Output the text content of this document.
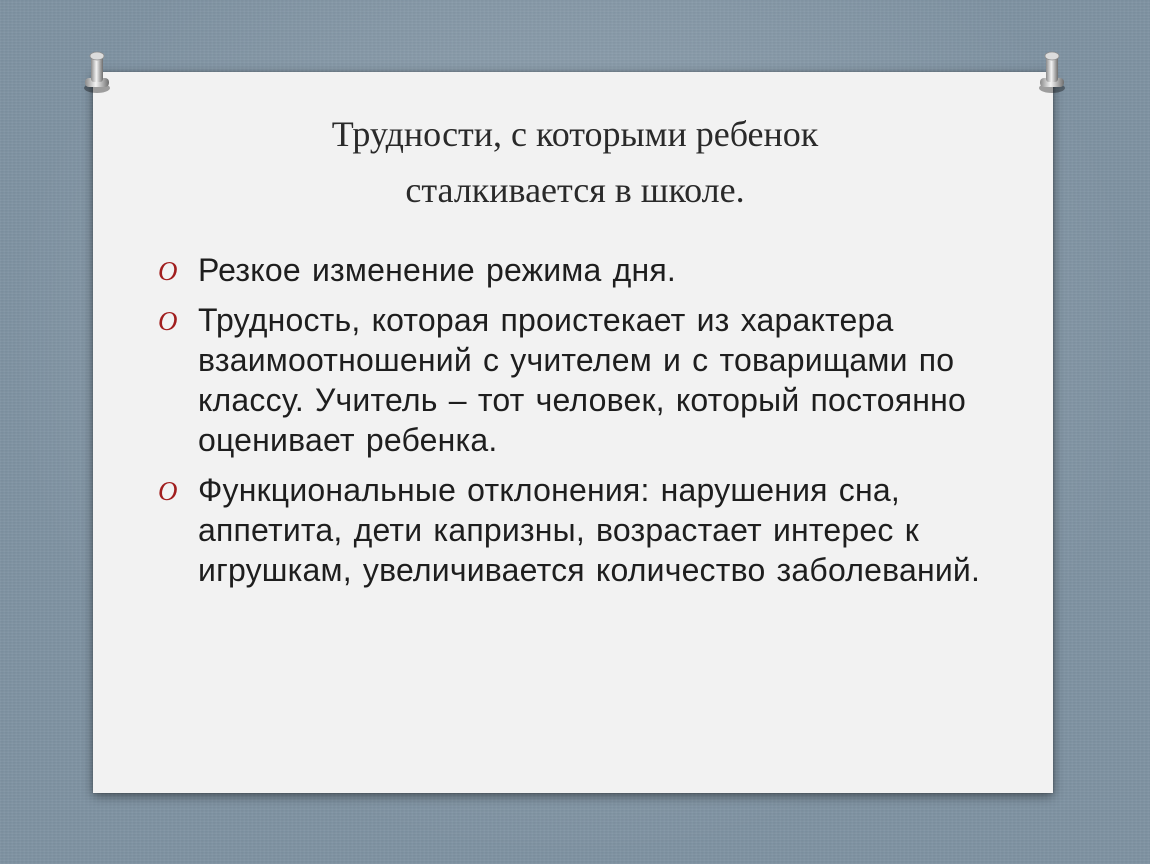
Трудности, с которыми ребенок
сталкивается в школе.
O Резкое изменение режима дня.
O Трудность, которая проистекает из характера взаимоотношений с учителем и с товарищами по классу. Учитель – тот человек, который постоянно оценивает ребенка.
O Функциональные отклонения: нарушения сна, аппетита, дети капризны, возрастает интерес к игрушкам, увеличивается количество заболеваний.
